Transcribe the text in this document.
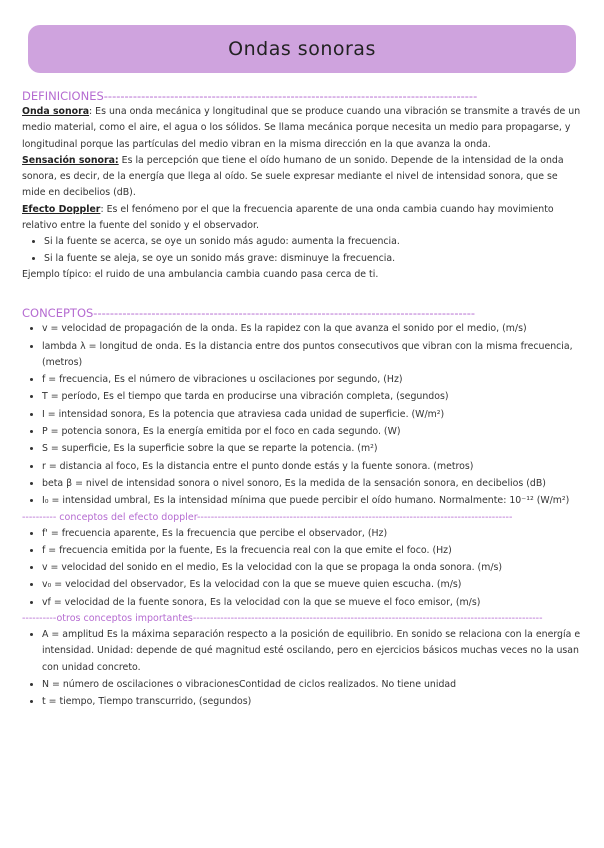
Ondas sonoras
DEFINICIONES------------------------------------------------------------------------------------------

Onda sonora: Es una onda mecánica y longitudinal que se produce cuando una vibración se transmite a través de un medio material, como el aire, el agua o los sólidos. Se llama mecánica porque necesita un medio para propagarse, y longitudinal porque las partículas del medio vibran en la misma dirección en la que avanza la onda.

Sensación sonora: Es la percepción que tiene el oído humano de un sonido. Depende de la intensidad de la onda sonora, es decir, de la energía que llega al oído. Se suele expresar mediante el nivel de intensidad sonora, que se mide en decibelios (dB).

Efecto Doppler: Es el fenómeno por el que la frecuencia aparente de una onda cambia cuando hay movimiento relativo entre la fuente del sonido y el observador.

• Si la fuente se acerca, se oye un sonido más agudo: aumenta la frecuencia.
• Si la fuente se aleja, se oye un sonido más grave: disminuye la frecuencia.

Ejemplo típico: el ruido de una ambulancia cambia cuando pasa cerca de ti.

CONCEPTOS--------------------------------------------------------------------------------------------
• v = velocidad de propagación de la onda. Es la rapidez con la que avanza el sonido por el medio, (m/s)
• lambda λ = longitud de onda. Es la distancia entre dos puntos consecutivos que vibran con la misma frecuencia, (metros)
• f = frecuencia, Es el número de vibraciones u oscilaciones por segundo, (Hz)
• T = período, Es el tiempo que tarda en producirse una vibración completa, (segundos)
• I = intensidad sonora, Es la potencia que atraviesa cada unidad de superficie. (W/m²)
• P = potencia sonora, Es la energía emitida por el foco en cada segundo. (W)
• S = superficie, Es la superficie sobre la que se reparte la potencia. (m²)
• r = distancia al foco, Es la distancia entre el punto donde estás y la fuente sonora. (metros)
• beta β = nivel de intensidad sonora o nivel sonoro, Es la medida de la sensación sonora, en decibelios (dB)
• I₀ = intensidad umbral, Es la intensidad mínima que puede percibir el oído humano. Normalmente: 10⁻¹² (W/m²)
---------- conceptos del efecto doppler--------------------------------------------------------------------------------------------
• f' = frecuencia aparente, Es la frecuencia que percibe el observador, (Hz)
• f = frecuencia emitida por la fuente, Es la frecuencia real con la que emite el foco. (Hz)
• v = velocidad del sonido en el medio, Es la velocidad con la que se propaga la onda sonora. (m/s)
• v₀ = velocidad del observador, Es la velocidad con la que se mueve quien escucha. (m/s)
• vf = velocidad de la fuente sonora, Es la velocidad con la que se mueve el foco emisor, (m/s)
----------otros conceptos importantes------------------------------------------------------------------------------------------------------
• A = amplitud Es la máxima separación respecto a la posición de equilibrio. En sonido se relaciona con la energía e intensidad. Unidad: depende de qué magnitud esté oscilando, pero en ejercicios básicos muchas veces no la usan con unidad concreto.
• N = número de oscilaciones o vibracionesContidad de ciclos realizados. No tiene unidad
• t = tiempo, Tiempo transcurrido, (segundos)
